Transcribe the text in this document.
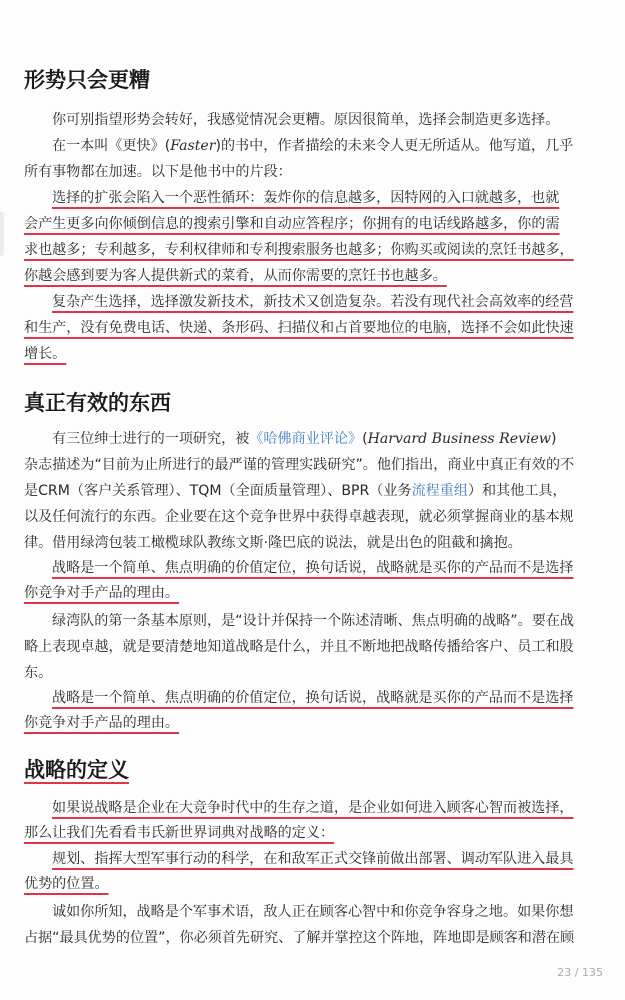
形势只会更糟
你可别指望形势会转好，我感觉情况会更糟。原因很简单，选择会制造更多选择。
在一本叫《更快》(Faster)的书中，作者描绘的未来令人更无所适从。他写道，几乎
所有事物都在加速。以下是他书中的片段：
选择的扩张会陷入一个恶性循环：轰炸你的信息越多，因特网的入口就越多，也就
会产生更多向你倾倒信息的搜索引擎和自动应答程序；你拥有的电话线路越多，你的需
求也越多；专利越多，专利权律师和专利搜索服务也越多；你购买或阅读的烹饪书越多，
你越会感到要为客人提供新式的菜肴，从而你需要的烹饪书也越多。
复杂产生选择，选择激发新技术，新技术又创造复杂。若没有现代社会高效率的经营
和生产，没有免费电话、快递、条形码、扫描仪和占首要地位的电脑，选择不会如此快速
增长。
真正有效的东西
有三位绅士进行的一项研究，被《哈佛商业评论》(Harvard Business Review)
杂志描述为“目前为止所进行的最严谨的管理实践研究”。他们指出，商业中真正有效的不
是CRM（客户关系管理）、TQM（全面质量管理）、BPR（业务流程重组）和其他工具，
以及任何流行的东西。企业要在这个竞争世界中获得卓越表现，就必须掌握商业的基本规
律。借用绿湾包装工橄榄球队教练文斯·隆巴底的说法，就是出色的阻截和擒抱。
战略是一个简单、焦点明确的价值定位，换句话说，战略就是买你的产品而不是选择
你竞争对手产品的理由。
绿湾队的第一条基本原则，是“设计并保持一个陈述清晰、焦点明确的战略”。要在战
略上表现卓越，就是要清楚地知道战略是什么，并且不断地把战略传播给客户、员工和股
东。
战略是一个简单、焦点明确的价值定位，换句话说，战略就是买你的产品而不是选择
你竞争对手产品的理由。
战略的定义
如果说战略是企业在大竞争时代中的生存之道，是企业如何进入顾客心智而被选择，
那么让我们先看看韦氏新世界词典对战略的定义：
规划、指挥大型军事行动的科学，在和敌军正式交锋前做出部署、调动军队进入最具
优势的位置。
诚如你所知，战略是个军事术语，敌人正在顾客心智中和你竞争容身之地。如果你想
占据“最具优势的位置”，你必须首先研究、了解并掌控这个阵地，阵地即是顾客和潜在顾
23 / 135
